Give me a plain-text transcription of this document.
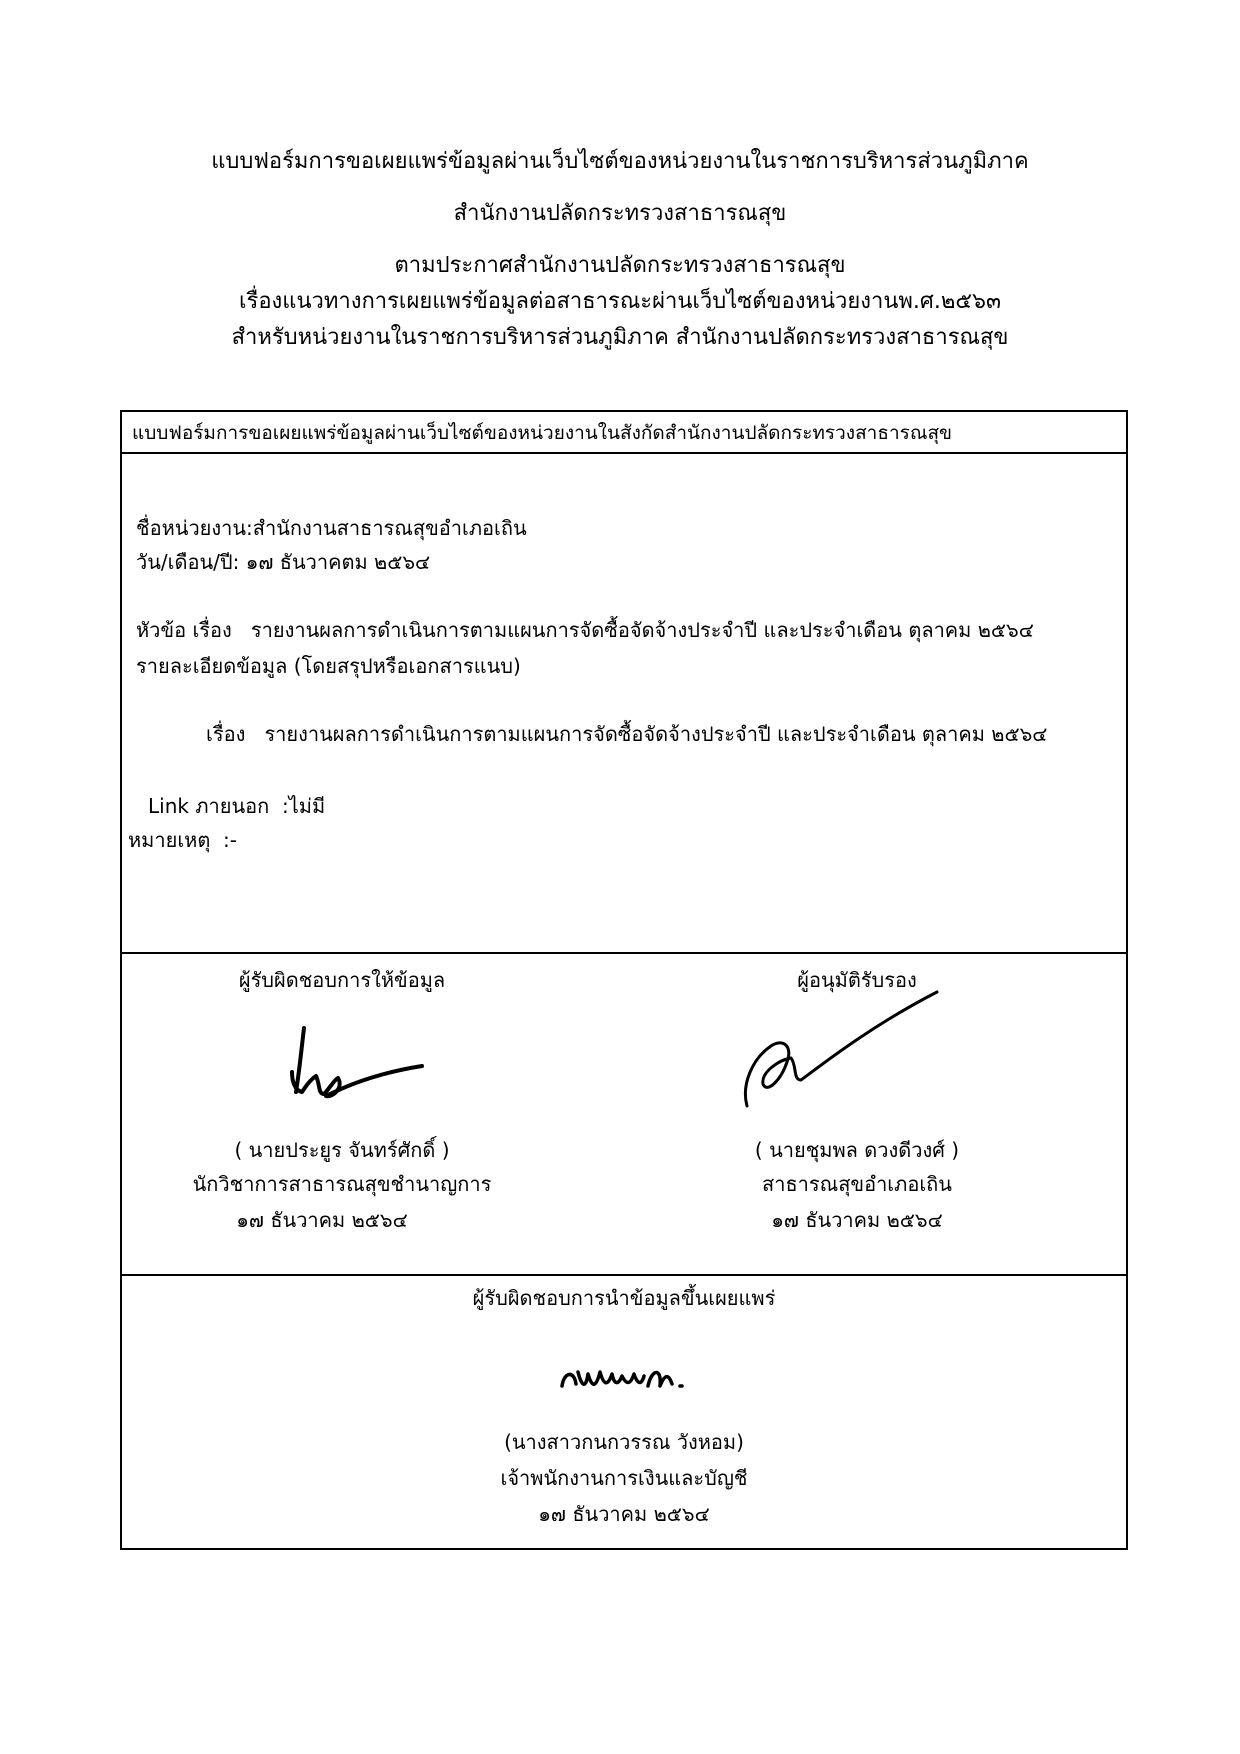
แบบฟอร์มการขอเผยแพร่ข้อมูลผ่านเว็บไซต์ของหน่วยงานในราชการบริหารส่วนภูมิภาค
สำนักงานปลัดกระทรวงสาธารณสุข
ตามประกาศสำนักงานปลัดกระทรวงสาธารณสุข
เรื่องแนวทางการเผยแพร่ข้อมูลต่อสาธารณะผ่านเว็บไซต์ของหน่วยงานพ.ศ.๒๕๖๓
สำหรับหน่วยงานในราชการบริหารส่วนภูมิภาค สำนักงานปลัดกระทรวงสาธารณสุข
แบบฟอร์มการขอเผยแพร่ข้อมูลผ่านเว็บไซต์ของหน่วยงานในสังกัดสำนักงานปลัดกระทรวงสาธารณสุข
ชื่อหน่วยงาน:สำนักงานสาธารณสุขอำเภอเถิน
วัน/เดือน/ปี: ๑๗ ธันวาคตม ๒๕๖๔
หัวข้อ เรื่อง รายงานผลการดำเนินการตามแผนการจัดซื้อจัดจ้างประจำปี และประจำเดือน ตุลาคม ๒๕๖๔
รายละเอียดข้อมูล (โดยสรุปหรือเอกสารแนบ)
เรื่อง รายงานผลการดำเนินการตามแผนการจัดซื้อจัดจ้างประจำปี และประจำเดือน ตุลาคม ๒๕๖๔
Link ภายนอก :ไม่มี
หมายเหตุ :-
ผู้รับผิดชอบการให้ข้อมูล
( นายประยูร จันทร์ศักดิ์ )
นักวิชาการสาธารณสุขชำนาญการ
๑๗ ธันวาคม ๒๕๖๔
ผู้อนุมัติรับรอง
( นายชุมพล ดวงดีวงศ์ )
สาธารณสุขอำเภอเถิน
๑๗ ธันวาคม ๒๕๖๔
ผู้รับผิดชอบการนำข้อมูลขึ้นเผยแพร่
(นางสาวกนกวรรณ วังหอม)
เจ้าพนักงานการเงินและบัญชี
๑๗ ธันวาคม ๒๕๖๔
